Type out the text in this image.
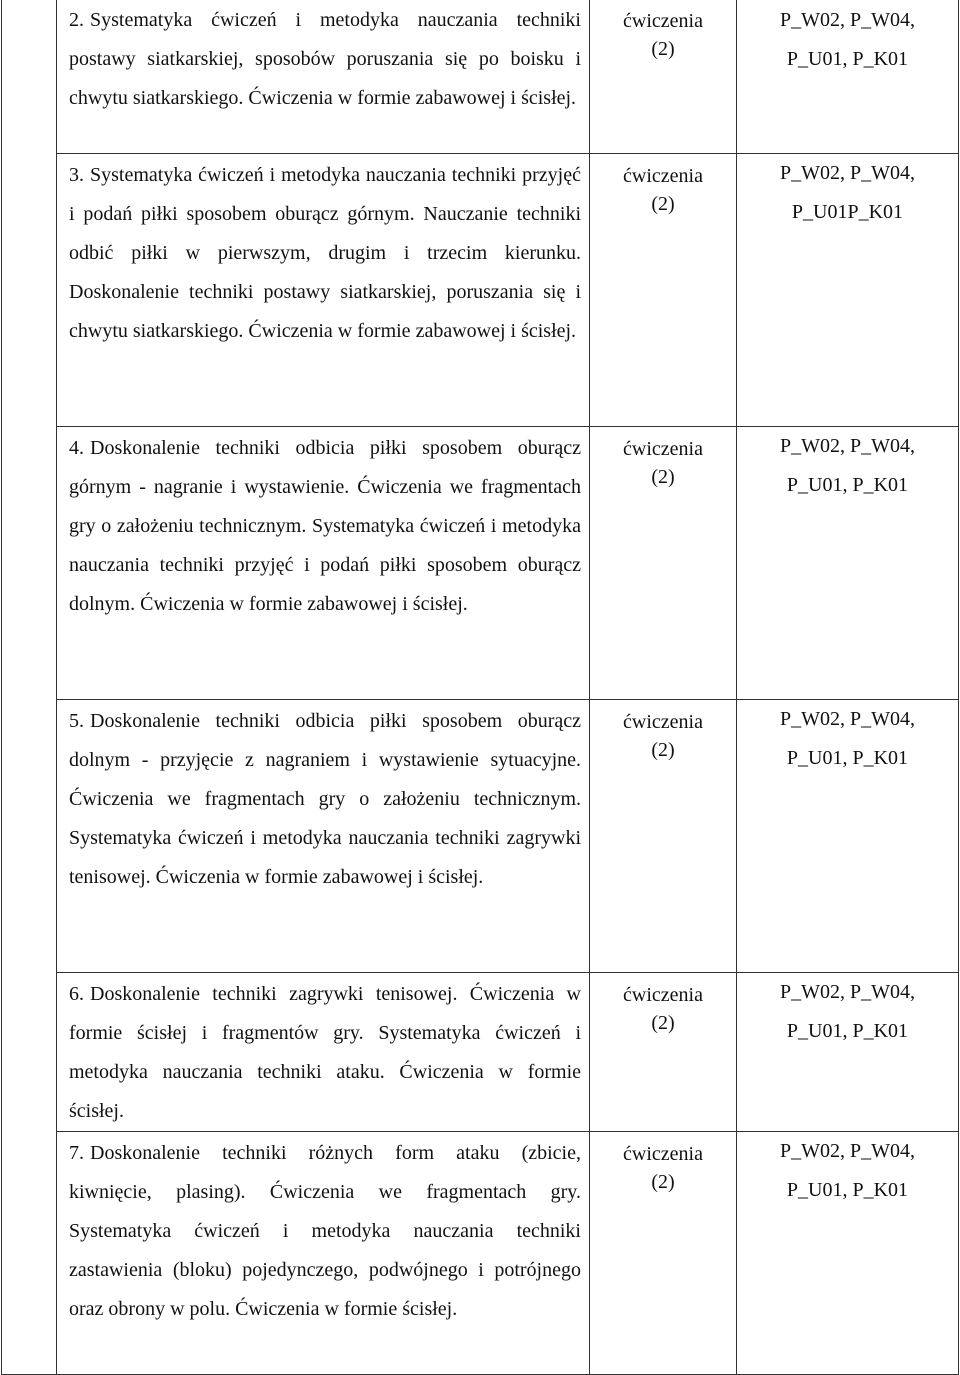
	2. Systematyka ćwiczeń i metodyka nauczania techniki postawy siatkarskiej, sposobów poruszania się po boisku i chwytu siatkarskiego. Ćwiczenia w formie zabawowej i ścisłej.	ćwiczenia
(2)	P_W02, P_W04,
P_U01, P_K01

	3. Systematyka ćwiczeń i metodyka nauczania techniki przyjęć i podań piłki sposobem oburącz górnym. Nauczanie techniki odbić piłki w pierwszym, drugim i trzecim kierunku. Doskonalenie techniki postawy siatkarskiej, poruszania się i chwytu siatkarskiego. Ćwiczenia w formie zabawowej i ścisłej.	ćwiczenia
(2)	P_W02, P_W04,
P_U01P_K01

	4. Doskonalenie techniki odbicia piłki sposobem oburącz górnym - nagranie i wystawienie. Ćwiczenia we fragmentach gry o założeniu technicznym. Systematyka ćwiczeń i metodyka nauczania techniki przyjęć i podań piłki sposobem oburącz dolnym. Ćwiczenia w formie zabawowej i ścisłej.	ćwiczenia
(2)	P_W02, P_W04,
P_U01, P_K01

	5. Doskonalenie techniki odbicia piłki sposobem oburącz dolnym - przyjęcie z nagraniem i wystawienie sytuacyjne. Ćwiczenia we fragmentach gry o założeniu technicznym. Systematyka ćwiczeń i metodyka nauczania techniki zagrywki tenisowej. Ćwiczenia w formie zabawowej i ścisłej.	ćwiczenia
(2)	P_W02, P_W04,
P_U01, P_K01

	6. Doskonalenie techniki zagrywki tenisowej. Ćwiczenia w formie ścisłej i fragmentów gry. Systematyka ćwiczeń i metodyka nauczania techniki ataku. Ćwiczenia w formie ścisłej.	ćwiczenia
(2)	P_W02, P_W04,
P_U01, P_K01

	7. Doskonalenie techniki różnych form ataku (zbicie, kiwnięcie, plasing). Ćwiczenia we fragmentach gry. Systematyka ćwiczeń i metodyka nauczania techniki zastawienia (bloku) pojedynczego, podwójnego i potrójnego oraz obrony w polu. Ćwiczenia w formie ścisłej.	ćwiczenia
(2)	P_W02, P_W04,
P_U01, P_K01
